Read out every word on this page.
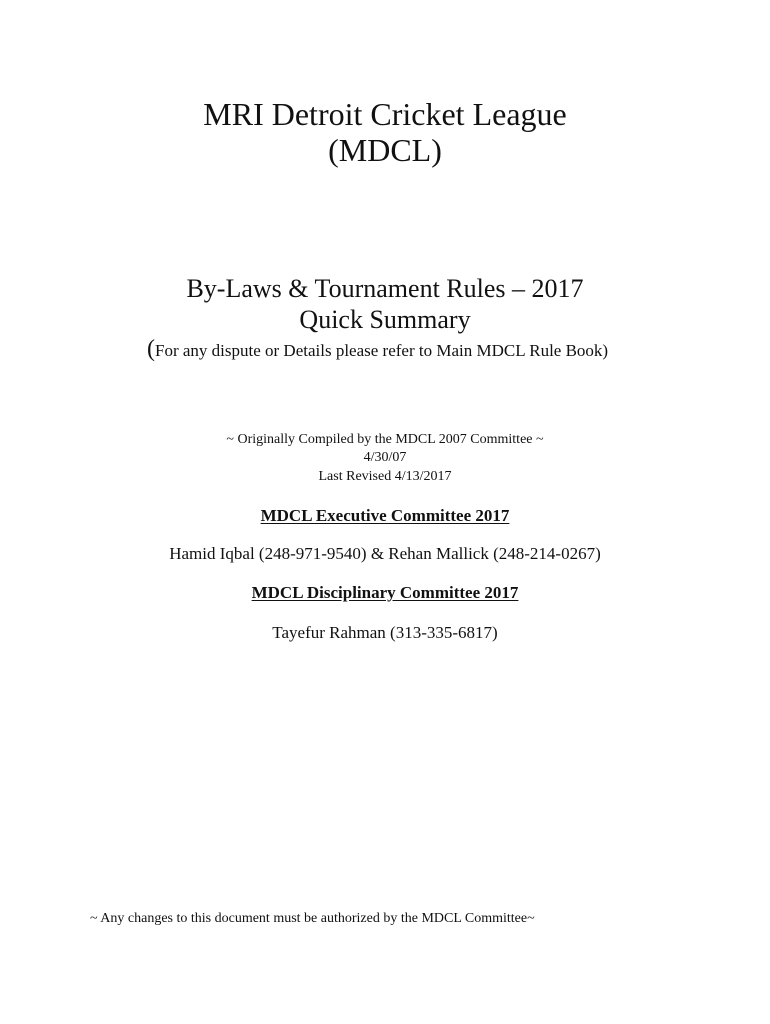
MRI Detroit Cricket League
(MDCL)
By-Laws & Tournament Rules – 2017
Quick Summary
(For any dispute or Details please refer to Main MDCL Rule Book)
~ Originally Compiled by the MDCL 2007 Committee ~
4/30/07
Last Revised 4/13/2017
MDCL Executive Committee 2017
Hamid Iqbal (248-971-9540) & Rehan Mallick (248-214-0267)
MDCL Disciplinary Committee 2017
Tayefur Rahman (313-335-6817)
~ Any changes to this document must be authorized by the MDCL Committee~
